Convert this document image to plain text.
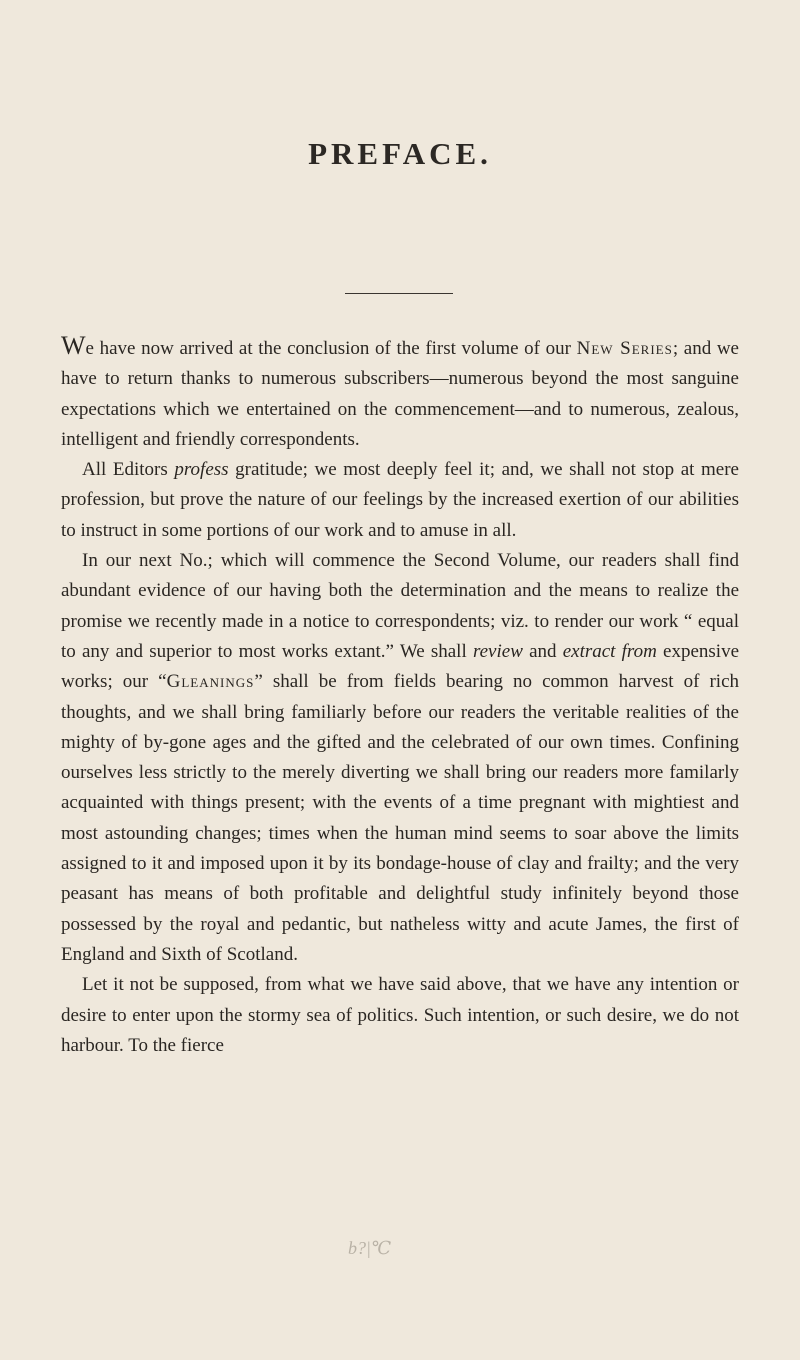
PREFACE.

We have now arrived at the conclusion of the first volume of our New Series; and we have to return thanks to numerous subscribers—numerous beyond the most sanguine expectations which we entertained on the commencement—and to numerous, zealous, intelligent and friendly correspondents.

All Editors profess gratitude; we most deeply feel it; and, we shall not stop at mere profession, but prove the nature of our feelings by the increased exertion of our abilities to instruct in some portions of our work and to amuse in all.

In our next No.; which will commence the Second Volume, our readers shall find abundant evidence of our having both the determination and the means to realize the promise we recently made in a notice to correspondents; viz. to render our work “ equal to any and superior to most works extant.” We shall review and extract from expensive works; our “Gleanings” shall be from fields bearing no common harvest of rich thoughts, and we shall bring familiarly before our readers the veritable realities of the mighty of by-gone ages and the gifted and the celebrated of our own times. Confining ourselves less strictly to the merely diverting we shall bring our readers more familarly acquainted with things present; with the events of a time pregnant with mightiest and most astounding changes; times when the human mind seems to soar above the limits assigned to it and imposed upon it by its bondage-house of clay and frailty; and the very peasant has means of both profitable and delightful study infinitely beyond those possessed by the royal and pedantic, but natheless witty and acute James, the first of England and Sixth of Scotland.

Let it not be supposed, from what we have said above, that we have any intention or desire to enter upon the stormy sea of politics. Such intention, or such desire, we do not harbour. To the fierce

b?|℃
